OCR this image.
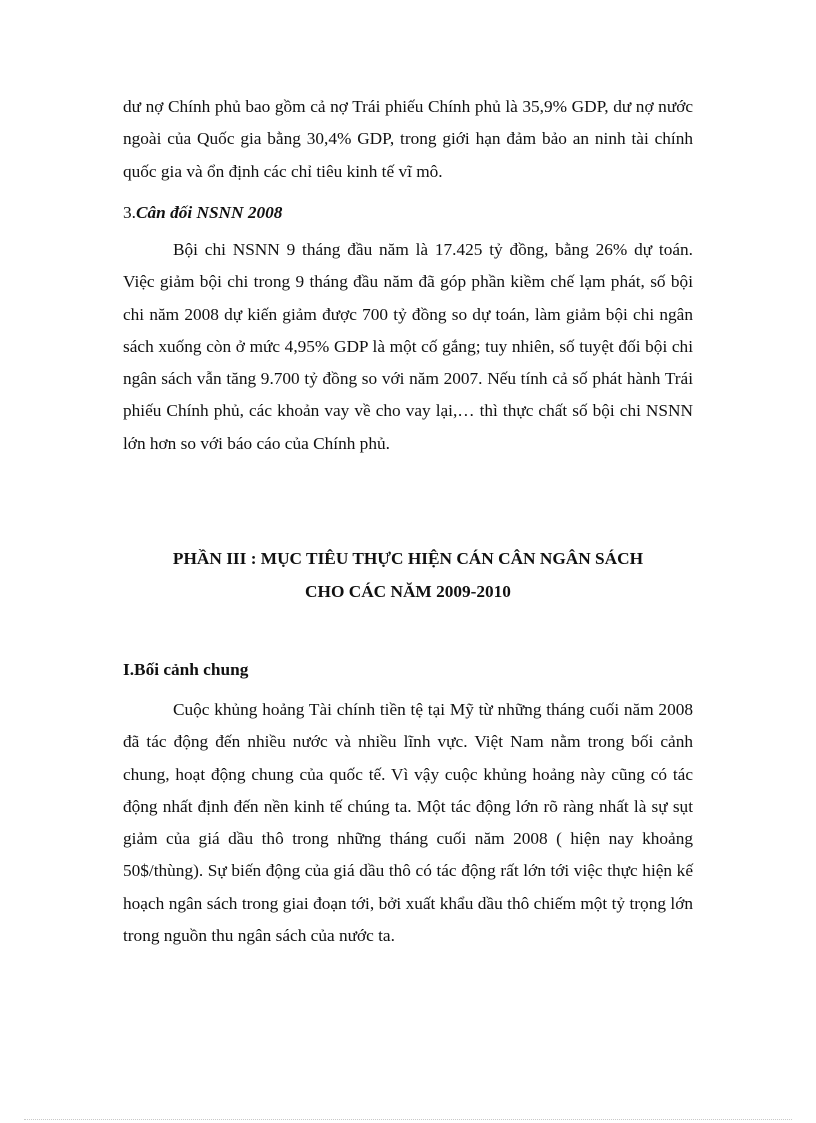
dư nợ Chính phủ bao gồm cả nợ Trái phiếu Chính phủ là 35,9% GDP, dư nợ nước ngoài của Quốc gia bằng 30,4% GDP, trong giới hạn đảm bảo an ninh tài chính quốc gia và ổn định các chỉ tiêu kinh tế vĩ mô.

3.Cân đối NSNN 2008

Bội chi NSNN 9 tháng đầu năm là 17.425 tỷ đồng, bằng 26% dự toán. Việc giảm bội chi trong 9 tháng đầu năm đã góp phần kiềm chế lạm phát, số bội chi năm 2008 dự kiến giảm được 700 tỷ đồng so dự toán, làm giảm bội chi ngân sách xuống còn ở mức 4,95% GDP là một cố gắng; tuy nhiên, số tuyệt đối bội chi ngân sách vẫn tăng 9.700 tỷ đồng so với năm 2007. Nếu tính cả số phát hành Trái phiếu Chính phủ, các khoản vay về cho vay lại,… thì thực chất số bội chi NSNN lớn hơn so với báo cáo của Chính phủ.

PHẦN III : MỤC TIÊU THỰC HIỆN CÁN CÂN NGÂN SÁCH

CHO CÁC NĂM 2009-2010

I.Bối cảnh chung

Cuộc khủng hoảng Tài chính tiền tệ tại Mỹ từ những tháng cuối năm 2008 đã tác động đến nhiều nước và nhiều lĩnh vực. Việt Nam nằm trong bối cảnh chung, hoạt động chung của quốc tế. Vì vậy cuộc khủng hoảng này cũng có tác động nhất định đến nền kinh tế chúng ta. Một tác động lớn rõ ràng nhất là sự sụt giảm của giá dầu thô trong những tháng cuối năm 2008 ( hiện nay khoảng 50$/thùng). Sự biến động của giá dầu thô có tác động rất lớn tới việc thực hiện kế hoạch ngân sách trong giai đoạn tới, bởi xuất khẩu dầu thô chiếm một tỷ trọng lớn trong nguồn thu ngân sách của nước ta.
